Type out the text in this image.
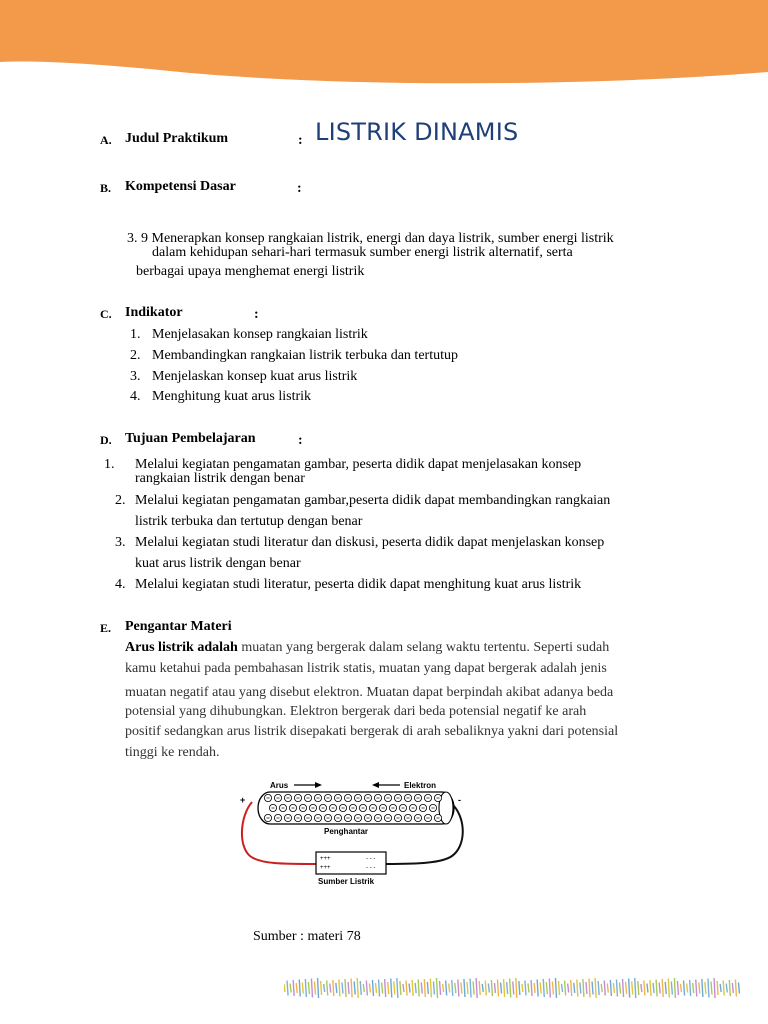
A. Judul Praktikum	: LISTRIK DINAMIS
B. Kompetensi Dasar	:
3. 9 Menerapkan konsep rangkaian listrik, energi dan daya listrik, sumber energi listrik
dalam kehidupan sehari-hari termasuk sumber energi listrik alternatif, serta
berbagai upaya menghemat energi listrik
C. Indikator	:
1. Menjelasakan konsep rangkaian listrik
2. Membandingkan rangkaian listrik terbuka dan tertutup
3. Menjelaskan konsep kuat arus listrik
4. Menghitung kuat arus listrik
D. Tujuan Pembelajaran	:
1. Melalui kegiatan pengamatan gambar, peserta didik dapat menjelasakan konsep
rangkaian listrik dengan benar
2. Melalui kegiatan pengamatan gambar,peserta didik dapat membandingkan rangkaian
listrik terbuka dan tertutup dengan benar
3. Melalui kegiatan studi literatur dan diskusi, peserta didik dapat menjelaskan konsep
kuat arus listrik dengan benar
4. Melalui kegiatan studi literatur, peserta didik dapat menghitung kuat arus listrik
E. Pengantar Materi
Arus listrik adalah muatan yang bergerak dalam selang waktu tertentu. Seperti sudah
kamu ketahui pada pembahasan listrik statis, muatan yang dapat bergerak adalah jenis
muatan negatif atau yang disebut elektron. Muatan dapat berpindah akibat adanya beda
potensial yang dihubungkan. Elektron bergerak dari beda potensial negatif ke arah
positif sedangkan arus listrik disepakati bergerak di arah sebaliknya yakni dari potensial
tinggi ke rendah.
Arus	Elektron
+	-
Penghantar
+++
+++
- - -
- - -
Sumber Listrik
Sumber : materi 78
